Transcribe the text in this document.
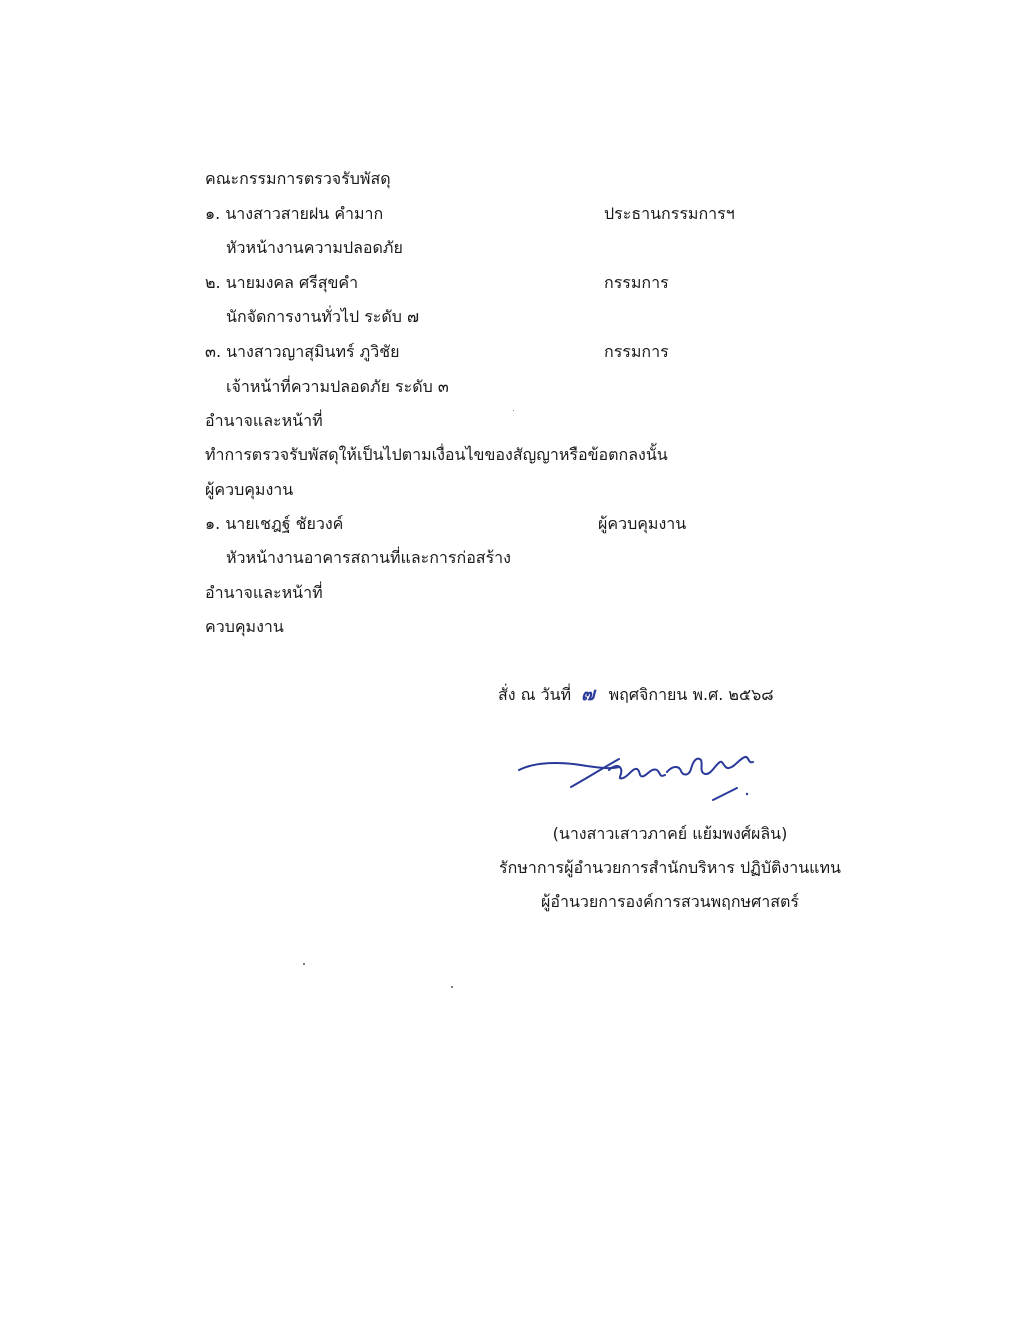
คณะกรรมการตรวจรับพัสดุ
๑. นางสาวสายฝน คำมาก	ประธานกรรมการฯ
หัวหน้างานความปลอดภัย
๒. นายมงคล ศรีสุขคำ	กรรมการ
นักจัดการงานทั่วไป ระดับ ๗
๓. นางสาวญาสุมินทร์ ภูวิชัย	กรรมการ
เจ้าหน้าที่ความปลอดภัย ระดับ ๓
อำนาจและหน้าที่
ทำการตรวจรับพัสดุให้เป็นไปตามเงื่อนไขของสัญญาหรือข้อตกลงนั้น
ผู้ควบคุมงาน
๑. นายเชฎฐ์ ชัยวงค์	ผู้ควบคุมงาน
หัวหน้างานอาคารสถานที่และการก่อสร้าง
อำนาจและหน้าที่
ควบคุมงาน
สั่ง ณ วันที่ ๗ พฤศจิกายน พ.ศ. ๒๕๖๘
(นางสาวเสาวภาคย์ แย้มพงศ์ผลิน)
รักษาการผู้อำนวยการสำนักบริหาร ปฏิบัติงานแทน
ผู้อำนวยการองค์การสวนพฤกษศาสตร์
